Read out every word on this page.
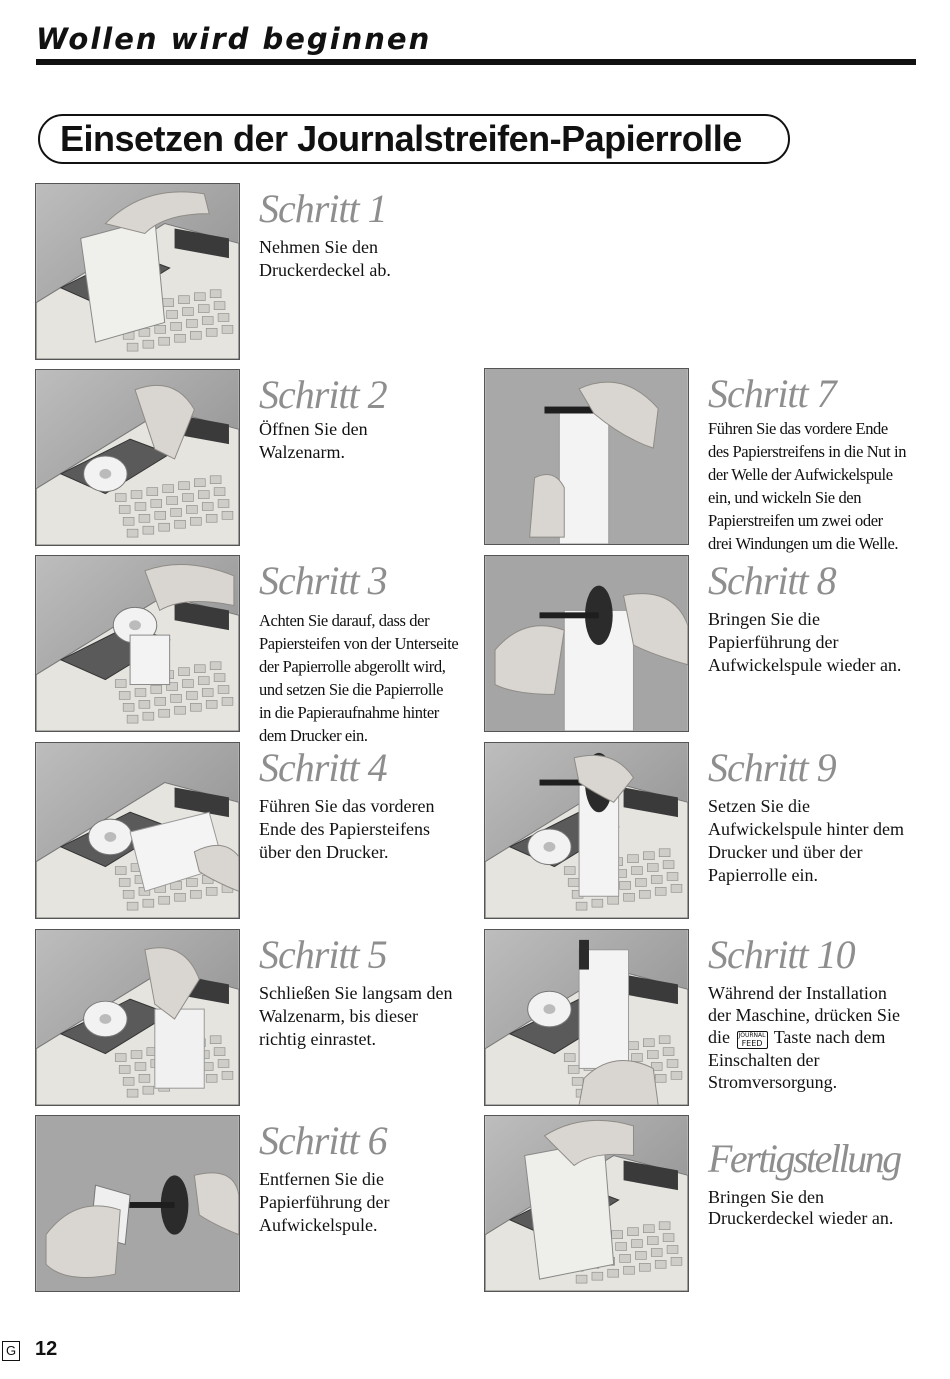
Wollen wird beginnen
Einsetzen der Journalstreifen-Papierrolle
Schritt 1
Nehmen Sie den
Druckerdeckel ab.
Schritt 2
Öffnen Sie den
Walzenarm.
Schritt 3
Achten Sie darauf, dass der
Papiersteifen von der Unterseite
der Papierrolle abgerollt wird,
und setzen Sie die Papierrolle
in die Papieraufnahme hinter
dem Drucker ein.
Schritt 4
Führen Sie das vorderen
Ende des Papiersteifens
über den Drucker.
Schritt 5
Schließen Sie langsam den
Walzenarm, bis dieser
richtig einrastet.
Schritt 6
Entfernen Sie die
Papierführung der
Aufwickelspule.
Schritt 7
Führen Sie das vordere Ende
des Papierstreifens in die Nut in
der Welle der Aufwickelspule
ein, und wickeln Sie den
Papierstreifen um zwei oder
drei Windungen um die Welle.
Schritt 8
Bringen Sie die
Papierführung der
Aufwickelspule wieder an.
Schritt 9
Setzen Sie die
Aufwickelspule hinter dem
Drucker und über der
Papierrolle ein.
Schritt 10
Während der Installation
der Maschine, drücken Sie
die JOURNAL
FEED Taste nach dem
Einschalten der
Stromversorgung.
Fertigstellung
Bringen Sie den
Druckerdeckel wieder an.
G 12
